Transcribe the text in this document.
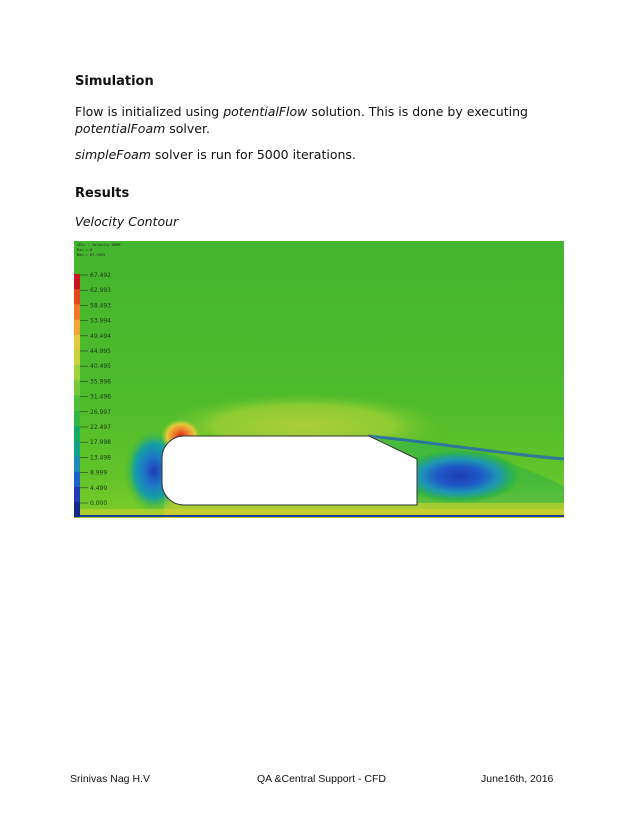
Simulation
Flow is initialized using potentialFlow solution. This is done by executing
potentialFoam solver.
simpleFoam solver is run for 5000 iterations.
Results
Velocity Contour
CELL : Velocity NORM
Min = 0
Max = 67.4925
67.492
62.993
58.493
53.994
49.494
44.995
40.495
35.996
31.496
26.997
22.497
17.998
13.498
8.999
4.499
0.000
Srinivas Nag H.V	QA &Central Support - CFD	June16th, 2016
